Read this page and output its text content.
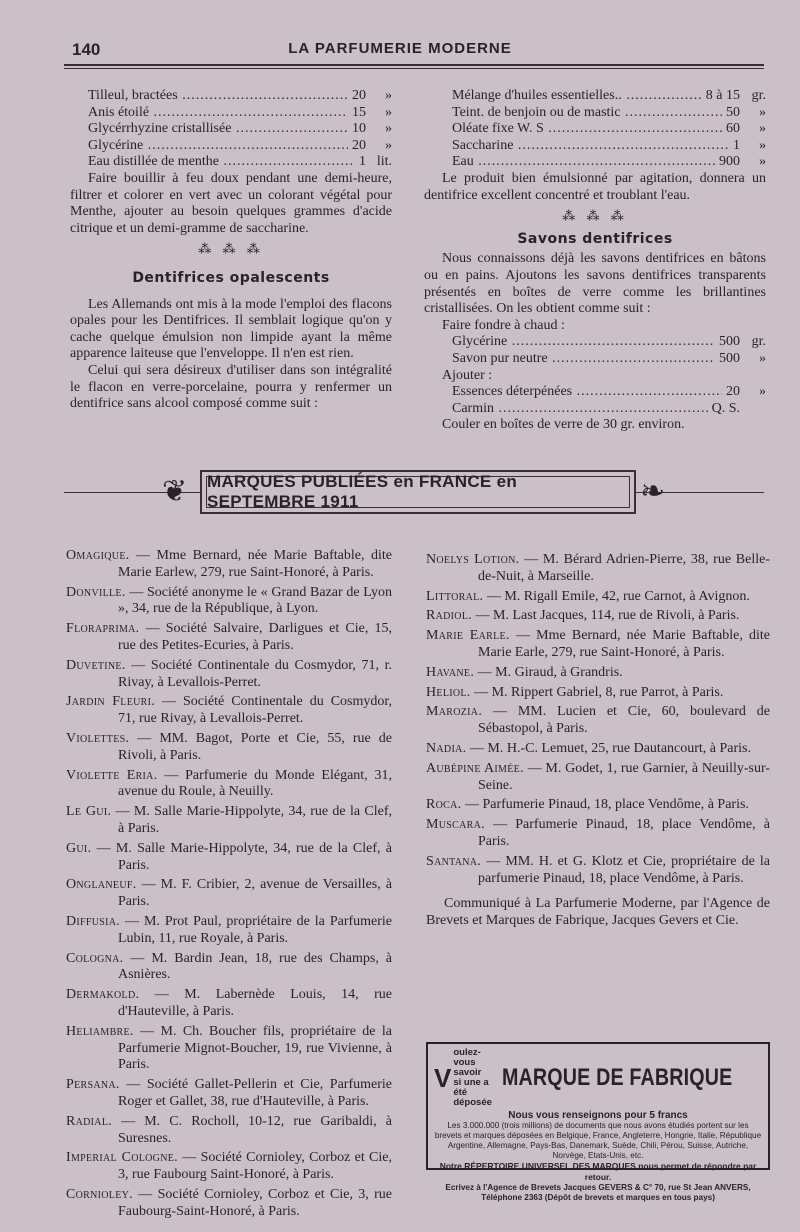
140	LA PARFUMERIE MODERNE
Tilleul, bractées .....	20	»
Anis étoilé .....	15	»
Glycérrhyzine cristallisée .....	10	»
Glycérine .....	20	»
Eau distillée de menthe .....	1 lit.
Faire bouillir à feu doux pendant une demi-heure, filtrer et colorer en vert avec un colorant végétal pour Menthe, ajouter au besoin quelques grammes d'acide citrique et un demi-gramme de saccharine.
⁂ ⁂ ⁂
Dentifrices opalescents
Les Allemands ont mis à la mode l'emploi des flacons opales pour les Dentifrices. Il semblait logique qu'on y cache quelque émulsion non limpide ayant la même apparence laiteuse que l'enveloppe. Il n'en est rien.
Celui qui sera désireux d'utiliser dans son intégralité le flacon en verre-porcelaine, pourra y renfermer un dentifrice sans alcool composé comme suit :
Mélange d'huiles essentielles.. .....	8 à 15 gr.
Teint. de benjoin ou de mastic .....	50	»
Oléate fixe W. S .....	60	»
Saccharine .....	1	»
Eau .....	900	»
Le produit bien émulsionné par agitation, donnera un dentifrice excellent concentré et troublant l'eau.
⁂ ⁂ ⁂
Savons dentifrices
Nous connaissons déjà les savons dentifrices en bâtons ou en pains. Ajoutons les savons dentifrices transparents présentés en boîtes de verre comme les brillantines cristallisées. On les obtient comme suit :
Faire fondre à chaud :
Glycérine .....	500 gr.
Savon pur neutre .....	500	»
Ajouter :
Essences déterpénées .....	20	»
Carmin .....	Q. S.
Couler en boîtes de verre de 30 gr. environ.
❦	❧
MARQUES PUBLIÉES en FRANCE en SEPTEMBRE 1911
Omagique. — Mme Bernard, née Marie Baftable, dite Marie Earlew, 279, rue Saint-Honoré, à Paris.
Donville. — Société anonyme le « Grand Bazar de Lyon », 34, rue de la République, à Lyon.
Floraprima. — Société Salvaire, Darligues et Cie, 15, rue des Petites-Ecuries, à Paris.
Duvetine. — Société Continentale du Cosmydor, 71, r. Rivay, à Levallois-Perret.
Jardin Fleuri. — Société Continentale du Cosmydor, 71, rue Rivay, à Levallois-Perret.
Violettes. — MM. Bagot, Porte et Cie, 55, rue de Rivoli, à Paris.
Violette Eria. — Parfumerie du Monde Elégant, 31, avenue du Roule, à Neuilly.
Le Gui. — M. Salle Marie-Hippolyte, 34, rue de la Clef, à Paris.
Gui. — M. Salle Marie-Hippolyte, 34, rue de la Clef, à Paris.
Onglaneuf. — M. F. Cribier, 2, avenue de Versailles, à Paris.
Diffusia. — M. Prot Paul, propriétaire de la Parfumerie Lubin, 11, rue Royale, à Paris.
Cologna. — M. Bardin Jean, 18, rue des Champs, à Asnières.
Dermakold. — M. Labernède Louis, 14, rue d'Hauteville, à Paris.
Heliambre. — M. Ch. Boucher fils, propriétaire de la Parfumerie Mignot-Boucher, 19, rue Vivienne, à Paris.
Persana. — Société Gallet-Pellerin et Cie, Parfumerie Roger et Gallet, 38, rue d'Hauteville, à Paris.
Radial. — M. C. Rocholl, 10-12, rue Garibaldi, à Suresnes.
Imperial Cologne. — Société Cornioley, Corboz et Cie, 3, rue Faubourg Saint-Honoré, à Paris.
Cornioley. — Société Cornioley, Corboz et Cie, 3, rue Faubourg-Saint-Honoré, à Paris.
Noelys Lotion. — M. Bérard Adrien-Pierre, 38, rue Belle-de-Nuit, à Marseille.
Littoral. — M. Rigall Emile, 42, rue Carnot, à Avignon.
Radiol. — M. Last Jacques, 114, rue de Rivoli, à Paris.
Marie Earle. — Mme Bernard, née Marie Baftable, dite Marie Earle, 279, rue Saint-Honoré, à Paris.
Havane. — M. Giraud, à Grandris.
Heliol. — M. Rippert Gabriel, 8, rue Parrot, à Paris.
Marozia. — MM. Lucien et Cie, 60, boulevard de Sébastopol, à Paris.
Nadia. — M. H.-C. Lemuet, 25, rue Dautancourt, à Paris.
Aubépine Aimée. — M. Godet, 1, rue Garnier, à Neuilly-sur-Seine.
Roca. — Parfumerie Pinaud, 18, place Vendôme, à Paris.
Muscara. — Parfumerie Pinaud, 18, place Vendôme, à Paris.
Santana. — MM. H. et G. Klotz et Cie, propriétaire de la parfumerie Pinaud, 18, place Vendôme, à Paris.
Communiqué à La Parfumerie Moderne, par l'Agence de Brevets et Marques de Fabrique, Jacques Gevers et Cie.
V
oulez-vous savoir si une a été déposée
MARQUE DE FABRIQUE
Nous vous renseignons pour 5 francs
Les 3.000.000 (trois millions) de documents que nous avons étudiés portent sur les brevets et marques déposées en Belgique, France, Angleterre, Hongrie, Italie, République Argentine, Allemagne, Pays-Bas, Danemark, Suède, Chili, Pérou, Suisse, Autriche, Norvège, Etats-Unis, etc.
Notre RÉPERTOIRE UNIVERSEL DES MARQUES nous permet de répondre par retour.
Ecrivez à l'Agence de Brevets Jacques GEVERS & C° 70, rue St Jean ANVERS, Téléphone 2363 (Dépôt de brevets et marques en tous pays)
